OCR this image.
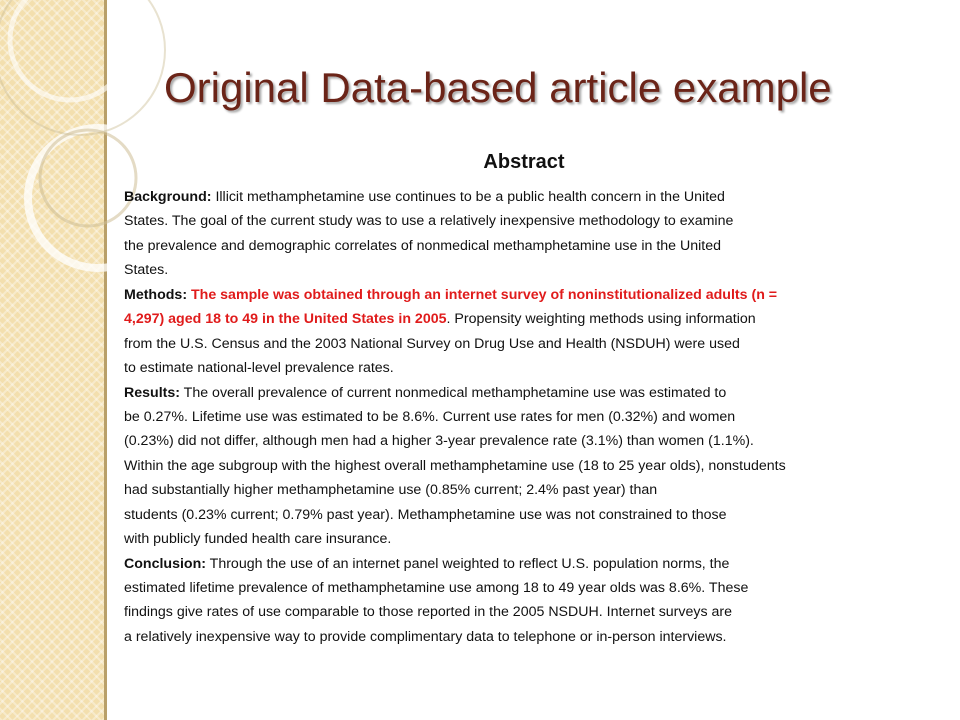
Original Data-based article example
Abstract
Background: Illicit methamphetamine use continues to be a public health concern in the United
States. The goal of the current study was to use a relatively inexpensive methodology to examine
the prevalence and demographic correlates of nonmedical methamphetamine use in the United
States.
Methods: The sample was obtained through an internet survey of noninstitutionalized adults (n =
4,297) aged 18 to 49 in the United States in 2005. Propensity weighting methods using information
from the U.S. Census and the 2003 National Survey on Drug Use and Health (NSDUH) were used
to estimate national-level prevalence rates.
Results: The overall prevalence of current nonmedical methamphetamine use was estimated to
be 0.27%. Lifetime use was estimated to be 8.6%. Current use rates for men (0.32%) and women
(0.23%) did not differ, although men had a higher 3-year prevalence rate (3.1%) than women (1.1%).
Within the age subgroup with the highest overall methamphetamine use (18 to 25 year olds), nonstudents
had substantially higher methamphetamine use (0.85% current; 2.4% past year) than
students (0.23% current; 0.79% past year). Methamphetamine use was not constrained to those
with publicly funded health care insurance.
Conclusion: Through the use of an internet panel weighted to reflect U.S. population norms, the
estimated lifetime prevalence of methamphetamine use among 18 to 49 year olds was 8.6%. These
findings give rates of use comparable to those reported in the 2005 NSDUH. Internet surveys are
a relatively inexpensive way to provide complimentary data to telephone or in-person interviews.
